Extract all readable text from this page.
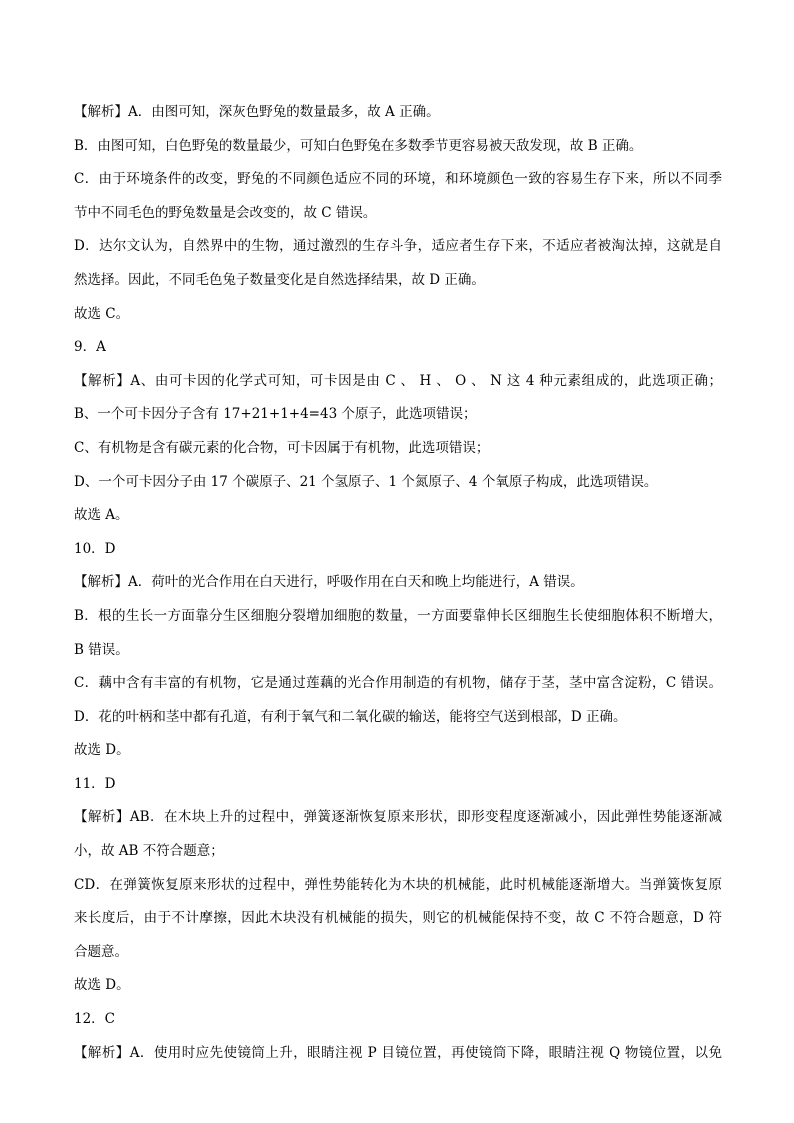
【解析】A．由图可知，深灰色野兔的数量最多，故 A 正确。
B．由图可知，白色野兔的数量最少，可知白色野兔在多数季节更容易被天敌发现，故 B 正确。
C．由于环境条件的改变，野兔的不同颜色适应不同的环境，和环境颜色一致的容易生存下来，所以不同季
节中不同毛色的野兔数量是会改变的，故 C 错误。
D．达尔文认为，自然界中的生物，通过激烈的生存斗争，适应者生存下来，不适应者被淘汰掉，这就是自
然选择。因此，不同毛色兔子数量变化是自然选择结果，故 D 正确。
故选 C。
9．A
【解析】A、由可卡因的化学式可知，可卡因是由 C 、 H 、 O 、 N 这 4 种元素组成的，此选项正确；
B、一个可卡因分子含有 17+21+1+4=43 个原子，此选项错误；
C、有机物是含有碳元素的化合物，可卡因属于有机物，此选项错误；
D、一个可卡因分子由 17 个碳原子、21 个氢原子、1 个氮原子、4 个氧原子构成，此选项错误。
故选 A。
10．D
【解析】A．荷叶的光合作用在白天进行，呼吸作用在白天和晚上均能进行，A 错误。
B．根的生长一方面靠分生区细胞分裂增加细胞的数量，一方面要靠伸长区细胞生长使细胞体积不断增大，
B 错误。
C．藕中含有丰富的有机物，它是通过莲藕的光合作用制造的有机物，储存于茎，茎中富含淀粉，C 错误。
D．花的叶柄和茎中都有孔道，有利于氧气和二氧化碳的输送，能将空气送到根部，D 正确。
故选 D。
11．D
【解析】AB．在木块上升的过程中，弹簧逐渐恢复原来形状，即形变程度逐渐减小，因此弹性势能逐渐减
小，故 AB 不符合题意；
CD．在弹簧恢复原来形状的过程中，弹性势能转化为木块的机械能，此时机械能逐渐增大。当弹簧恢复原
来长度后，由于不计摩擦，因此木块没有机械能的损失，则它的机械能保持不变，故 C 不符合题意，D 符
合题意。
故选 D。
12．C
【解析】A．使用时应先使镜筒上升，眼睛注视 P 目镜位置，再使镜筒下降，眼睛注视 Q 物镜位置，以免
